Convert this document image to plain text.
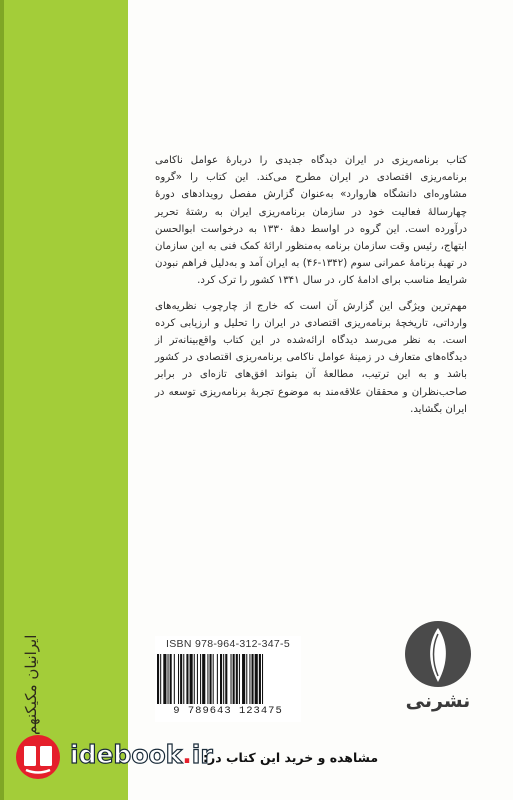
ایرانیان مکیکنهم

کتاب برنامه‌ریزی در ایران دیدگاه جدیدی را دربارهٔ عوامل ناکامی برنامه‌ریزی اقتصادی در ایران مطرح می‌کند. این کتاب را «گروه مشاوره‌ای دانشگاه هاروارد» به‌عنوان گزارش مفصل رویدادهای دورهٔ چهارسالهٔ فعالیت خود در سازمان برنامه‌ریزی ایران به رشتهٔ تحریر درآورده است. این گروه در اواسط دههٔ ۱۳۳۰ به درخواست ابوالحسن ابتهاج، رئیس وقت سازمان برنامه به‌منظور ارائهٔ کمک فنی به این سازمان در تهیهٔ برنامهٔ عمرانی سوم (۱۳۴۲-۴۶) به ایران آمد و به‌دلیل فراهم نبودن شرایط مناسب برای ادامهٔ کار، در سال ۱۳۴۱ کشور را ترک کرد.

مهم‌ترین ویژگی این گزارش آن است که خارج از چارچوب نظریه‌های وارداتی، تاریخچهٔ برنامه‌ریزی اقتصادی در ایران را تحلیل و ارزیابی کرده است. به نظر می‌رسد دیدگاه ارائه‌شده در این کتاب واقع‌بینانه‌تر از دیدگاه‌های متعارف در زمینهٔ عوامل ناکامی برنامه‌ریزی اقتصادی در کشور باشد و به این ترتیب، مطالعهٔ آن بتواند افق‌های تازه‌ای در برابر صاحب‌نظران و محققان علاقه‌مند به موضوع تجربهٔ برنامه‌ریزی توسعه در ایران بگشاید.

ISBN 978-964-312-347-5
9 789643 123475	نشرنی
idebook.ir
مشاهده و خرید این کتاب در:
